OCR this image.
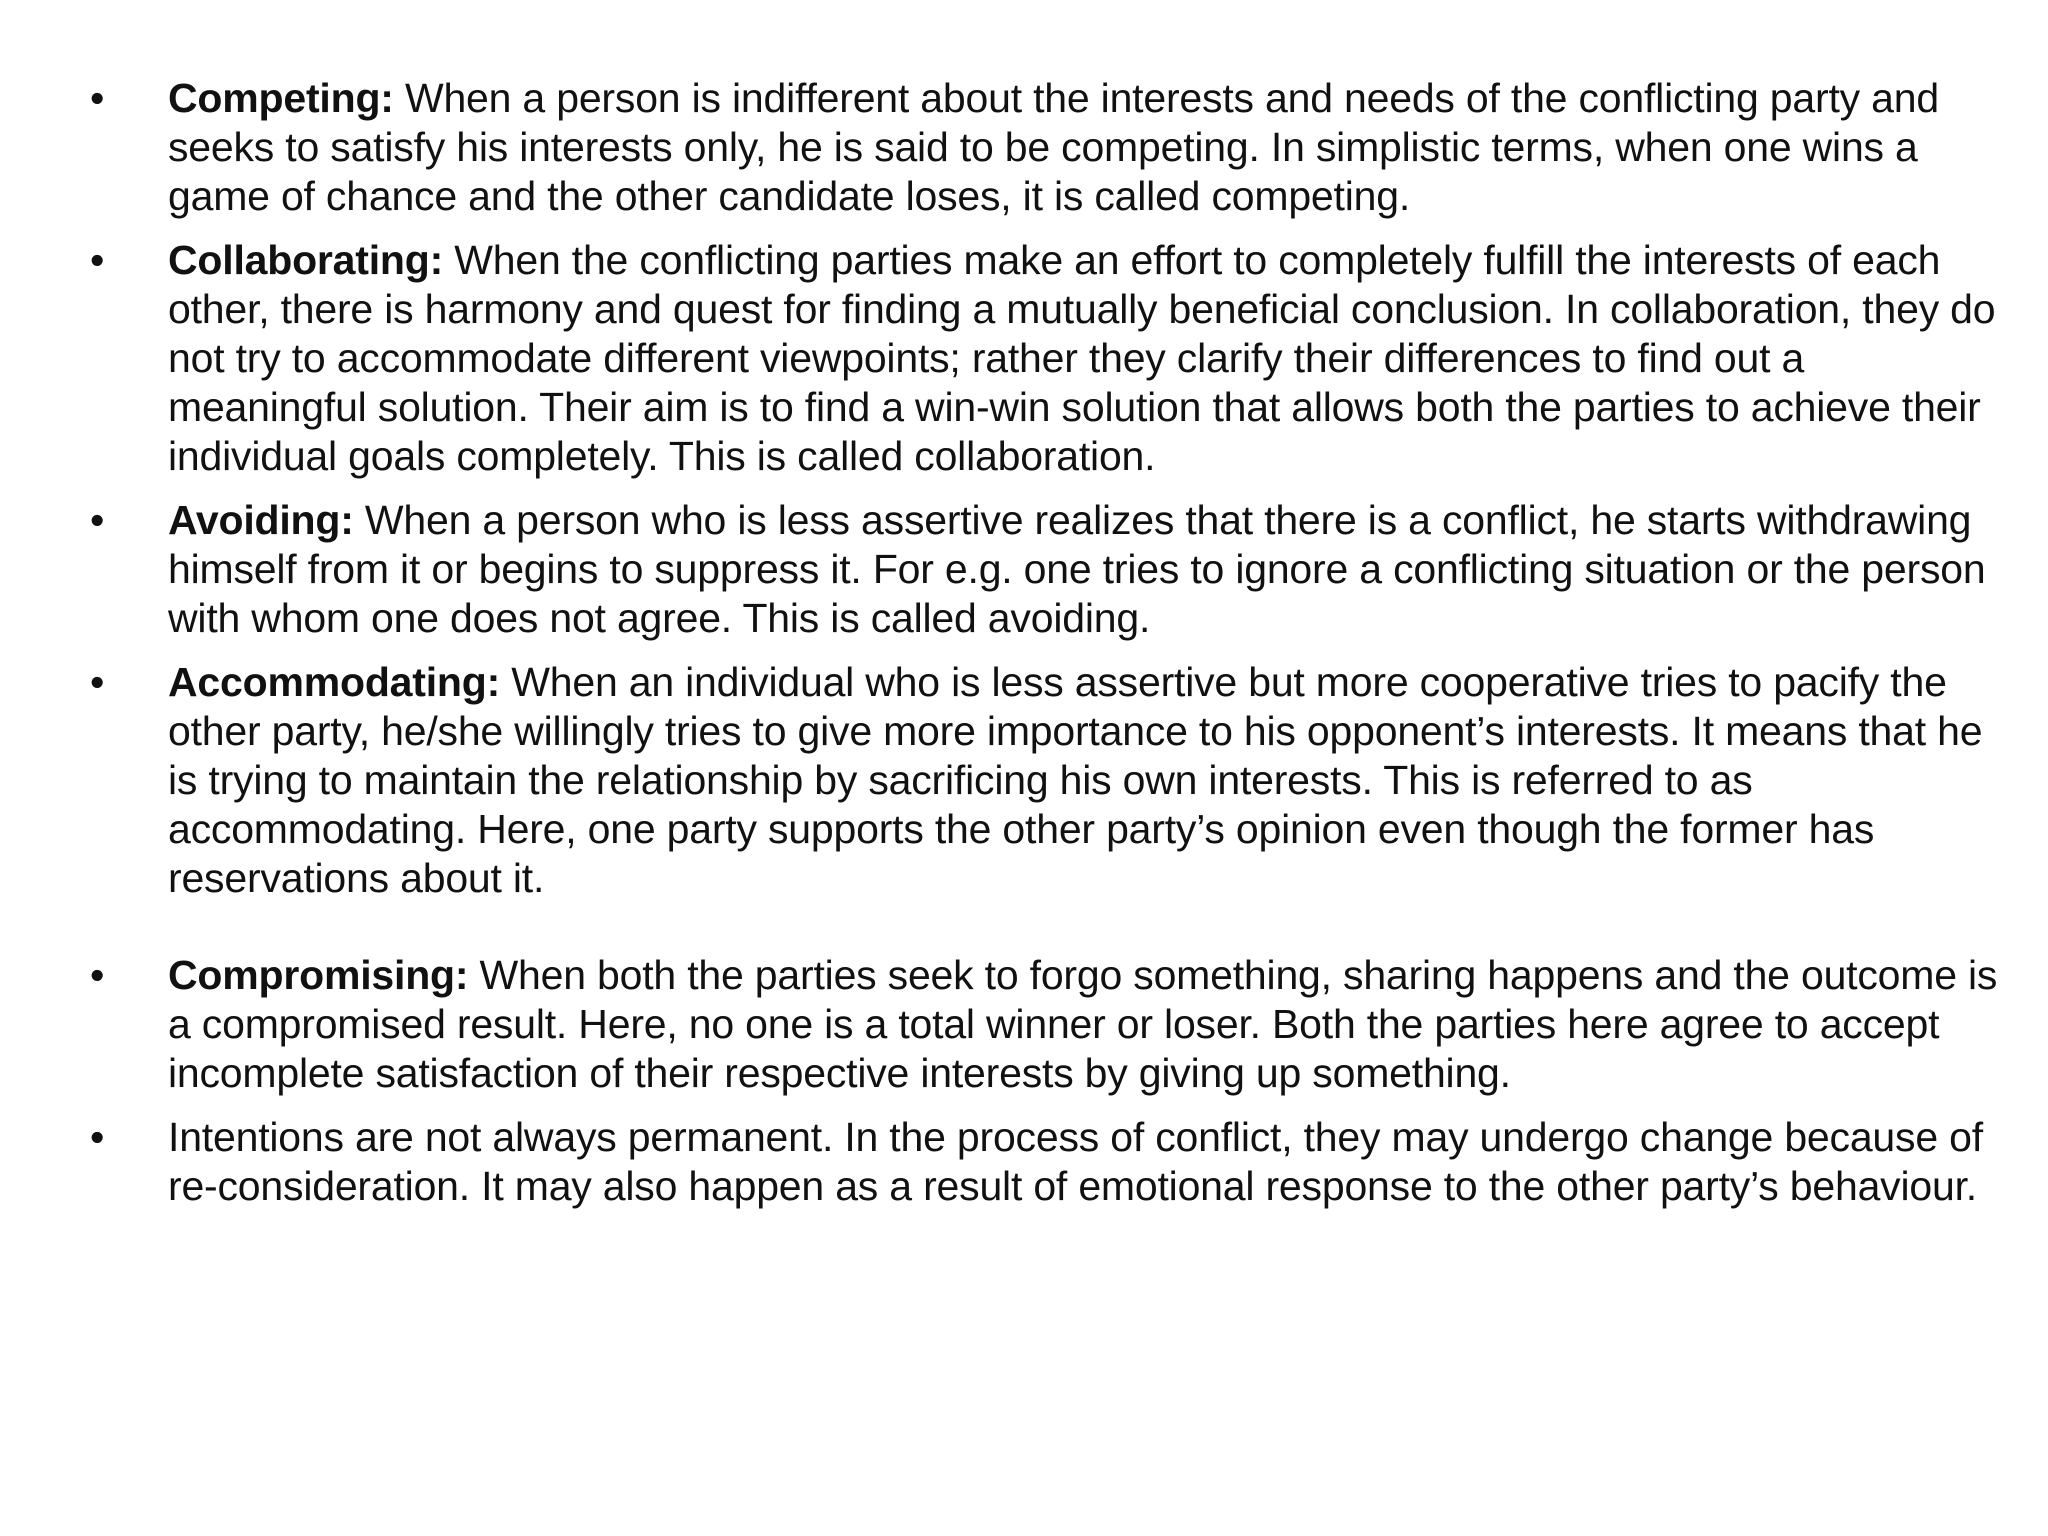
•	Competing: When a person is indifferent about the interests and needs of the conflicting party and seeks to satisfy his interests only, he is said to be competing. In simplistic terms, when one wins a game of chance and the other candidate loses, it is called competing.
•	Collaborating: When the conflicting parties make an effort to completely fulfill the interests of each other, there is harmony and quest for finding a mutually beneficial conclusion. In collaboration, they do not try to accommodate different viewpoints; rather they clarify their differences to find out a meaningful solution. Their aim is to find a win-win solution that allows both the parties to achieve their individual goals completely. This is called collaboration.
•	Avoiding: When a person who is less assertive realizes that there is a conflict, he starts withdrawing himself from it or begins to suppress it. For e.g. one tries to ignore a conflicting situation or the person with whom one does not agree. This is called avoiding.
•	Accommodating: When an individual who is less assertive but more cooperative tries to pacify the other party, he/she willingly tries to give more importance to his opponent’s interests. It means that he is trying to maintain the relationship by sacrificing his own interests. This is referred to as accommodating. Here, one party supports the other party’s opinion even though the former has reservations about it.
•	Compromising: When both the parties seek to forgo something, sharing happens and the outcome is a compromised result. Here, no one is a total winner or loser. Both the parties here agree to accept incomplete satisfaction of their respective interests by giving up something.
•	Intentions are not always permanent. In the process of conflict, they may undergo change because of re-consideration. It may also happen as a result of emotional response to the other party’s behaviour.
